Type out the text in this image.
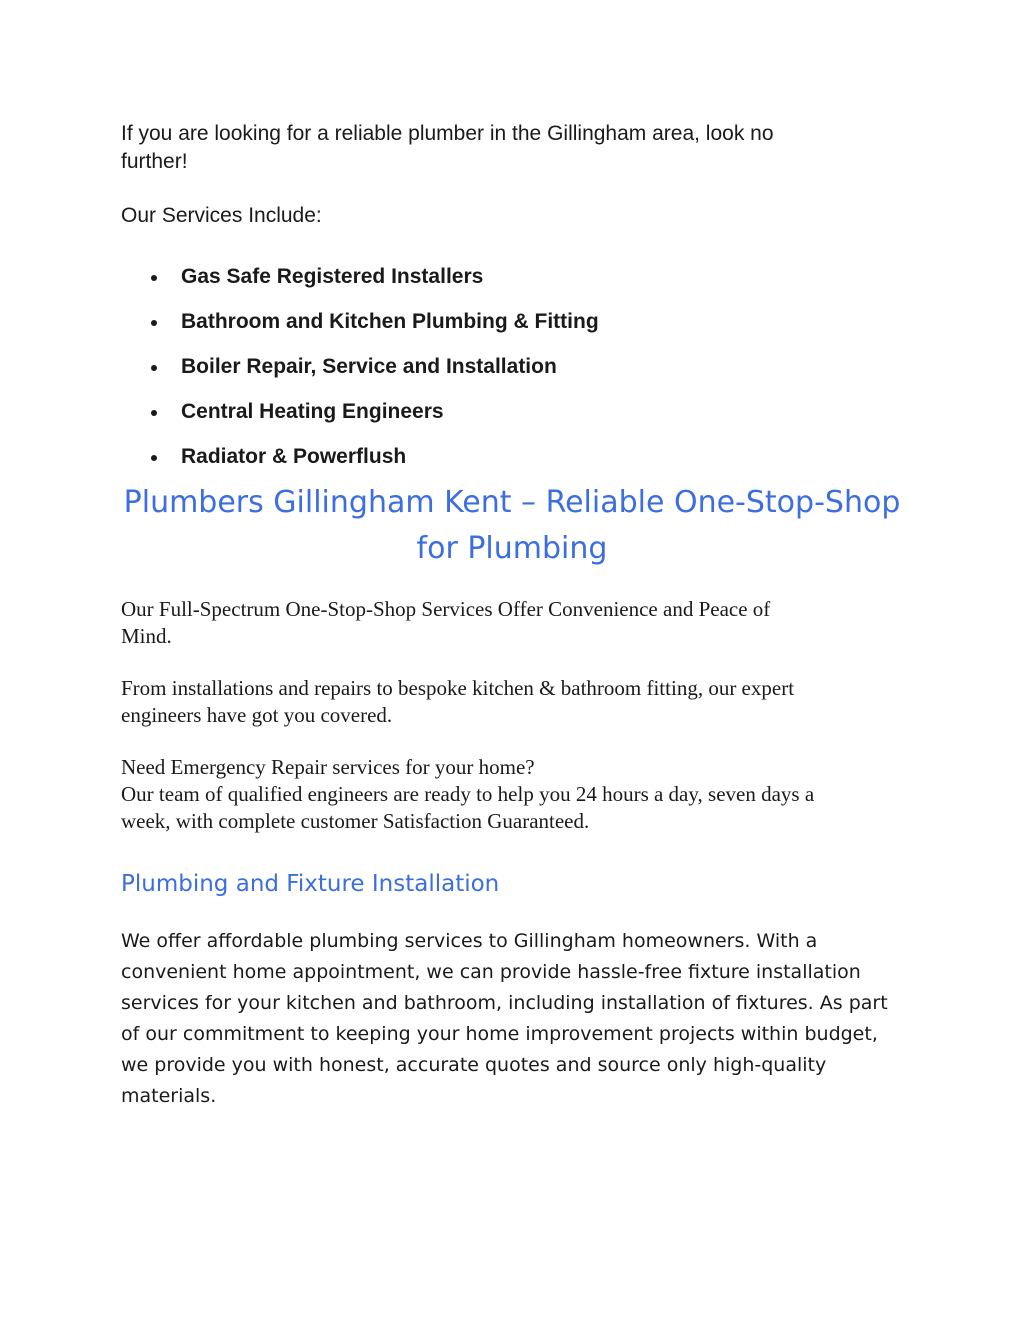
If you are looking for a reliable plumber in the Gillingham area, look no
further!

Our Services Include:

Gas Safe Registered Installers
Bathroom and Kitchen Plumbing & Fitting
Boiler Repair, Service and Installation
Central Heating Engineers
Radiator & Powerflush
Plumbers Gillingham Kent – Reliable One-Stop-Shop
for Plumbing

Our Full-Spectrum One-Stop-Shop Services Offer Convenience and Peace of
Mind.

From installations and repairs to bespoke kitchen & bathroom fitting, our expert
engineers have got you covered.

Need Emergency Repair services for your home?
Our team of qualified engineers are ready to help you 24 hours a day, seven days a
week, with complete customer Satisfaction Guaranteed.

Plumbing and Fixture Installation

We offer affordable plumbing services to Gillingham homeowners. With a
convenient home appointment, we can provide hassle-free fixture installation
services for your kitchen and bathroom, including installation of fixtures. As part
of our commitment to keeping your home improvement projects within budget,
we provide you with honest, accurate quotes and source only high-quality
materials.
